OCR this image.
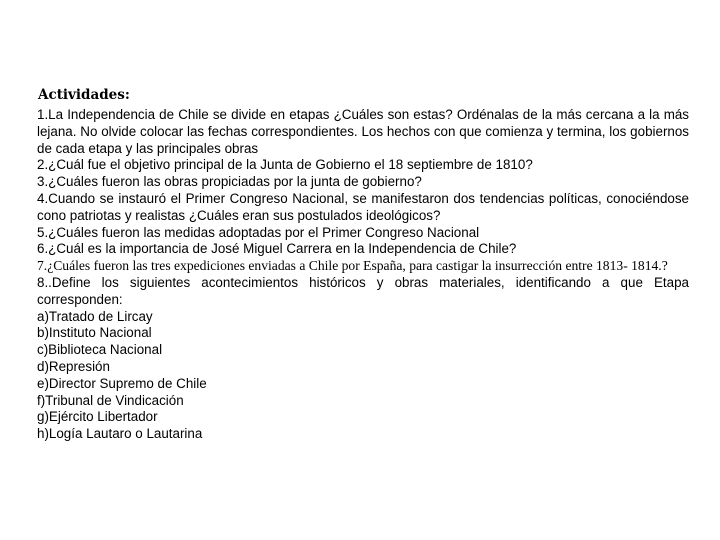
Actividades:

1.La Independencia de Chile se divide en etapas ¿Cuáles son estas? Ordénalas de la más cercana a la más lejana. No olvide colocar las fechas correspondientes. Los hechos con que comienza y termina, los gobiernos de cada etapa y las principales obras

2.¿Cuál fue el objetivo principal de la Junta de Gobierno el 18 septiembre de 1810?

3.¿Cuáles fueron las obras propiciadas por la junta de gobierno?

4.Cuando se instauró el Primer Congreso Nacional, se manifestaron dos tendencias políticas, conociéndose cono patriotas y realistas ¿Cuáles eran sus postulados ideológicos?

5.¿Cuáles fueron las medidas adoptadas por el Primer Congreso Nacional

6.¿Cuál es la importancia de José Miguel Carrera en la Independencia de Chile?

7.¿Cuáles fueron las tres expediciones enviadas a Chile por España, para castigar la insurrección entre 1813- 1814.?

8..Define los siguientes acontecimientos históricos y obras materiales, identificando a que Etapa corresponden:

a)Tratado de Lircay
b)Instituto Nacional
c)Biblioteca Nacional
d)Represión
e)Director Supremo de Chile
f)Tribunal de Vindicación
g)Ejército Libertador
h)Logía Lautaro o Lautarina
